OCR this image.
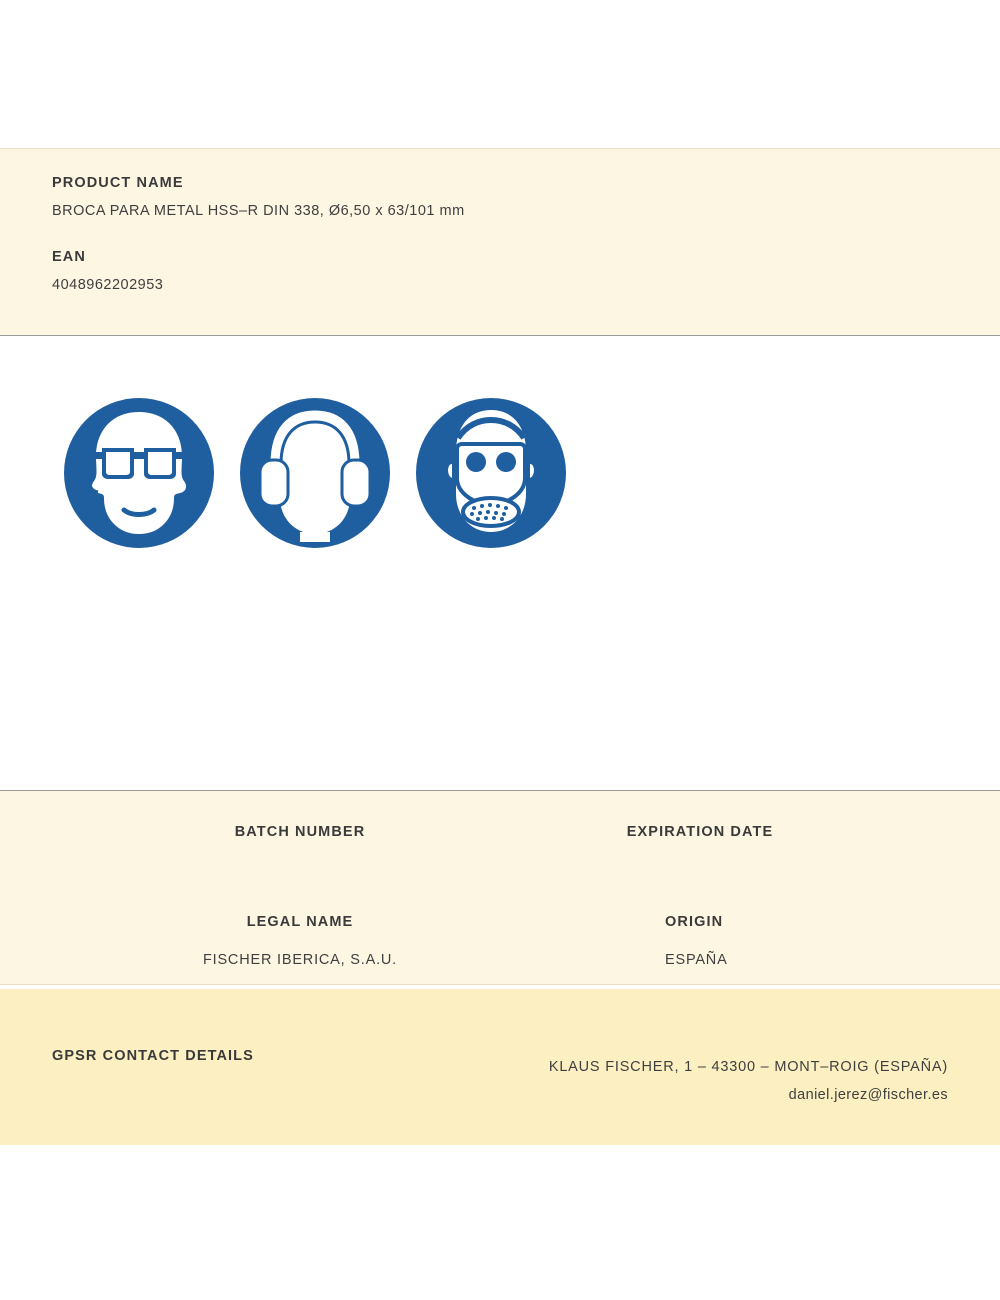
PRODUCT NAME

BROCA PARA METAL HSS–R DIN 338, Ø6,50 x 63/101 mm

EAN

4048962202953

BATCH NUMBER	EXPIRATION DATE

LEGAL NAME

FISCHER IBERICA, S.A.U.

ORIGIN

ESPAÑA

GPSR CONTACT DETAILS

KLAUS FISCHER, 1 – 43300 – MONT–ROIG (ESPAÑA)

daniel.jerez@fischer.es
